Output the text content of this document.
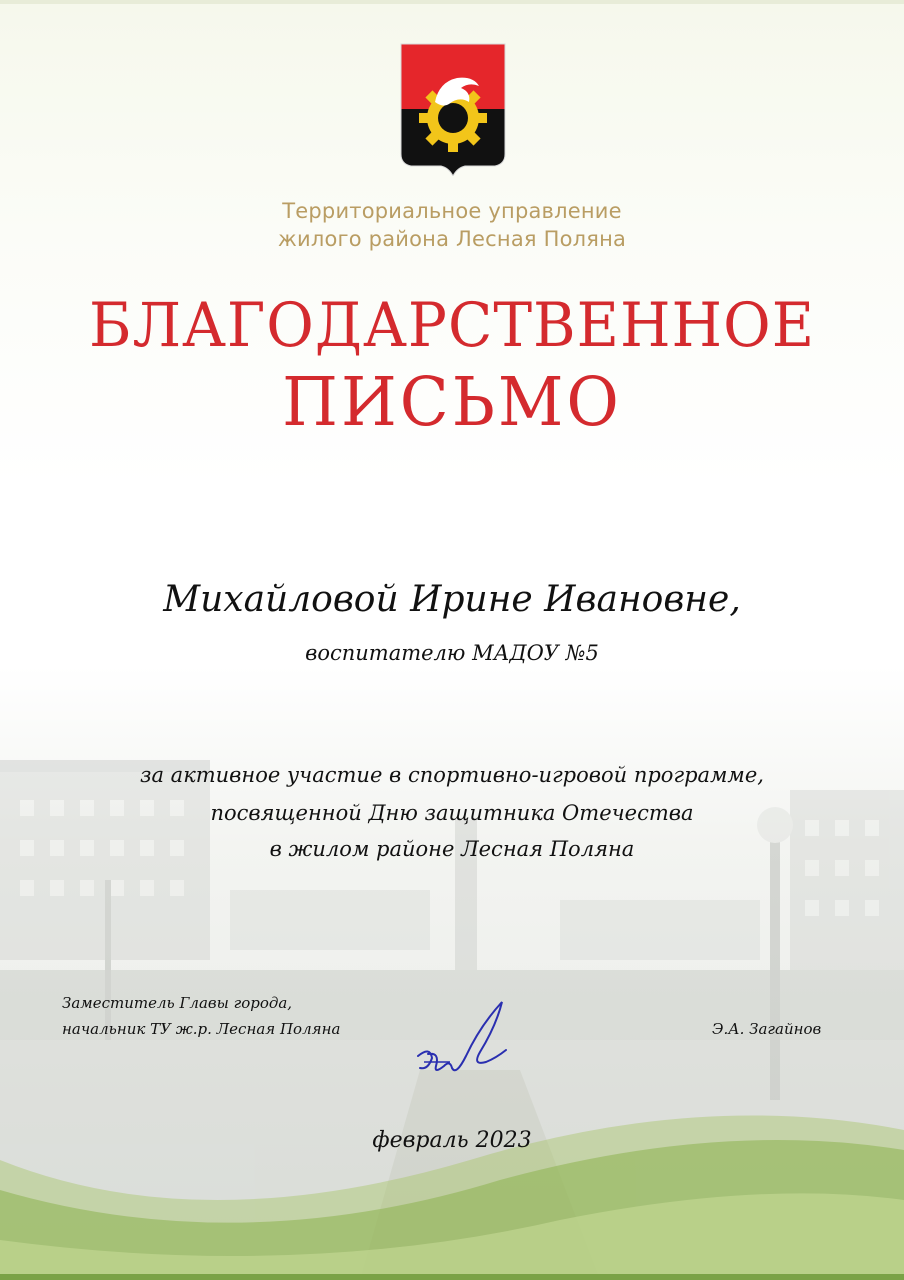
Территориальное управление
жилого района Лесная Поляна
БЛАГОДАРСТВЕННОЕ
ПИСЬМО
Михайловой Ирине Ивановне,
воспитателю МАДОУ №5
за активное участие в спортивно-игровой программе,
посвященной Дню защитника Отечества
в жилом районе Лесная Поляна
Заместитель Главы города,
начальник ТУ ж.р. Лесная Поляна	Э.А. Загайнов
февраль 2023
